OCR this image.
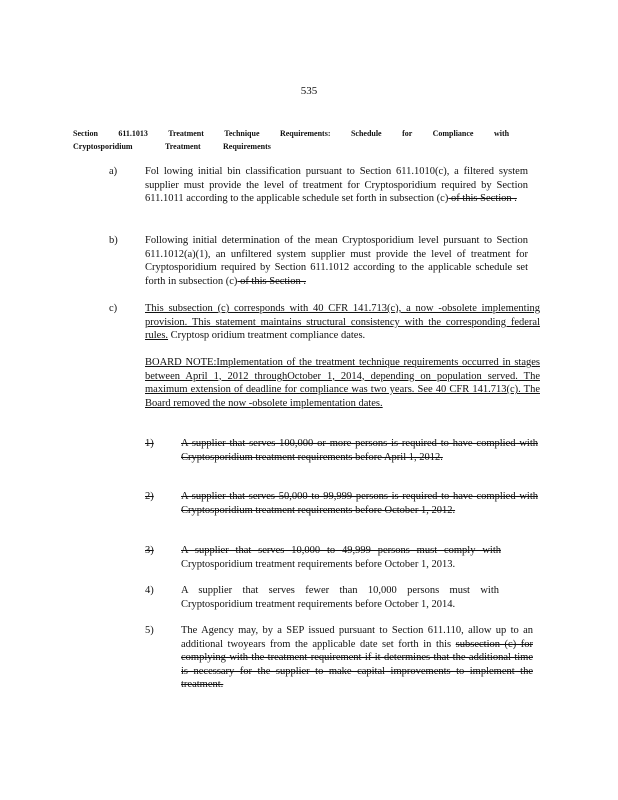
535
Section	611.1013	Treatment	Technique	Requirements:	Schedule	for	Compliance	with
Cryptosporidium	Treatment	Requirements
a)	Fol lowing initial bin classification pursuant to Section 611.1010(c), a filtered system supplier must provide the level of treatment for Cryptosporidium required by Section 611.1011 according to the applicable schedule set forth in subsection (c) of this Section .
b)	Following initial determination of the mean Cryptosporidium level pursuant to Section 611.1012(a)(1), an unfiltered system supplier must provide the level of treatment for Cryptosporidium required by Section 611.1012 according to the applicable schedule set forth in subsection (c) of this Section .
c)	This subsection (c) corresponds with 40 CFR 141.713(c), a now -obsolete implementing provision. This statement maintains structural consistency with the corresponding federal rules. Cryptosp oridium treatment compliance dates.
BOARD NOTE:Implementation of the treatment technique requirements occurred in stages between April 1, 2012 throughOctober 1, 2014, depending on population served. The maximum extension of deadline for compliance was two years. See 40 CFR 141.713(c). The Board removed the now -obsolete implementation dates.
1)	A supplier that serves 100,000 or more persons is required to have complied with Cryptosporidium treatment requirements before April 1, 2012.
2)	A supplier that serves 50,000 to 99,999 persons is required to have complied with Cryptosporidium treatment requirements before October 1, 2012.
3)	A supplier that serves 10,000 to 49,999 persons must comply with Cryptosporidium treatment requirements before October 1, 2013.
4)	A supplier that serves fewer than 10,000 persons must with Cryptosporidium treatment requirements before October 1, 2014.
5)	The Agency may, by a SEP issued pursuant to Section 611.110, allow up to an additional twoyears from the applicable date set forth in this subsection (c) for complying with the treatment requirement if it determines that the additional time is necessary for the supplier to make capital improvements to implement the treatment.
